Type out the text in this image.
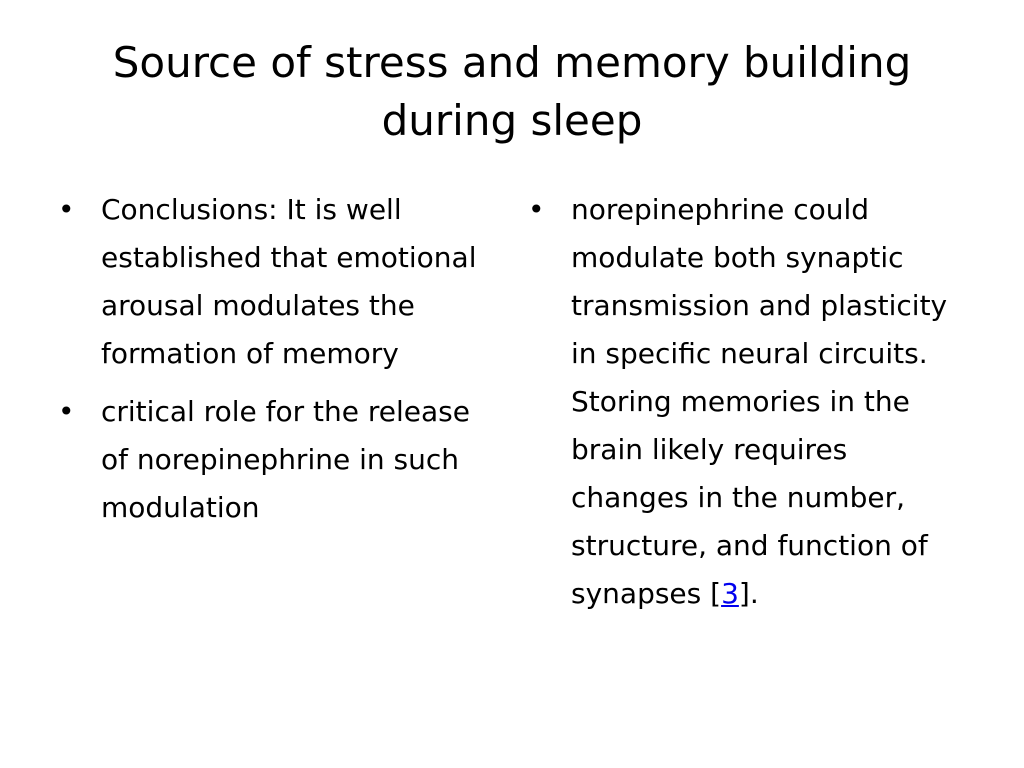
Source of stress and memory building during sleep
• Conclusions: It is well established that emotional arousal modulates the formation of memory
• critical role for the release of norepinephrine in such modulation
• norepinephrine could modulate both synaptic transmission and plasticity in specific neural circuits. Storing memories in the brain likely requires changes in the number, structure, and function of synapses [3].
